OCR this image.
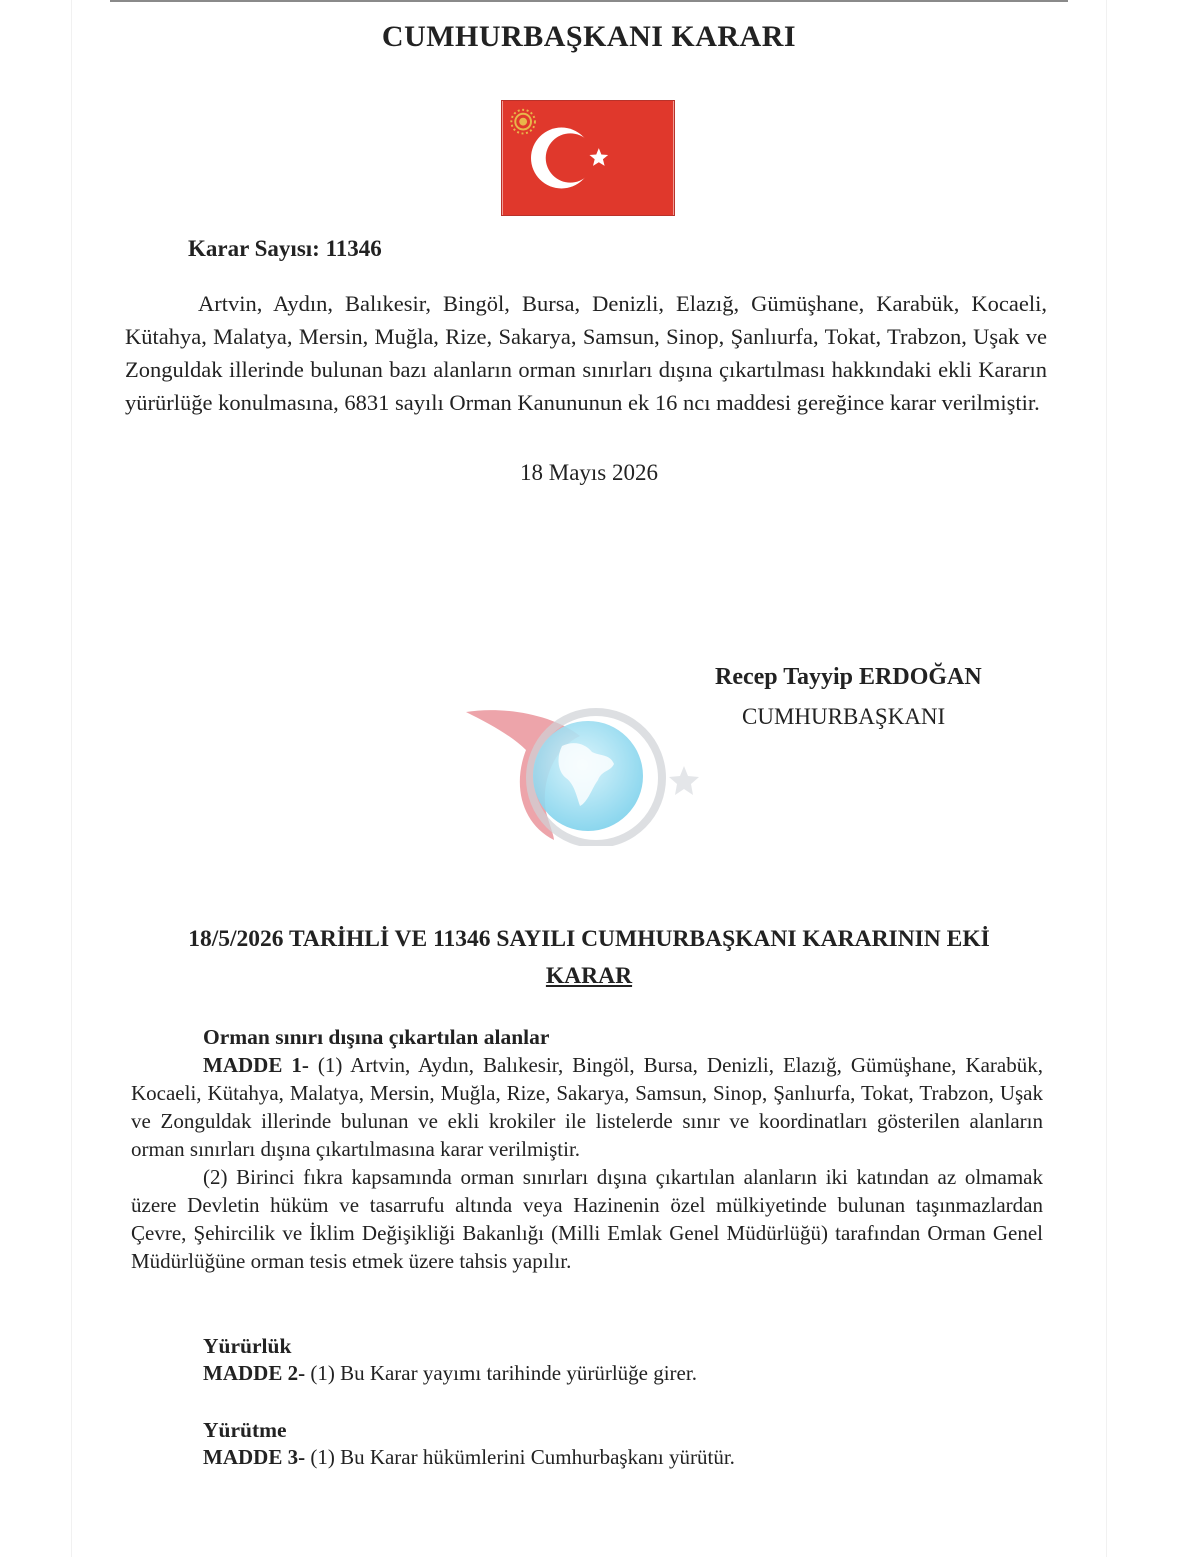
CUMHURBAŞKANI KARARI
Karar Sayısı: 11346

Artvin, Aydın, Balıkesir, Bingöl, Bursa, Denizli, Elazığ, Gümüşhane, Karabük, Kocaeli, Kütahya, Malatya, Mersin, Muğla, Rize, Sakarya, Samsun, Sinop, Şanlıurfa, Tokat, Trabzon, Uşak ve Zonguldak illerinde bulunan bazı alanların orman sınırları dışına çıkartılması hakkındaki ekli Kararın yürürlüğe konulmasına, 6831 sayılı Orman Kanununun ek 16 ncı maddesi gereğince karar verilmiştir.

18 Mayıs 2026
Recep Tayyip ERDOĞAN
CUMHURBAŞKANI
18/5/2026 TARİHLİ VE 11346 SAYILI CUMHURBAŞKANI KARARININ EKİ
KARAR
Orman sınırı dışına çıkartılan alanlar

MADDE 1- (1) Artvin, Aydın, Balıkesir, Bingöl, Bursa, Denizli, Elazığ, Gümüşhane, Karabük, Kocaeli, Kütahya, Malatya, Mersin, Muğla, Rize, Sakarya, Samsun, Sinop, Şanlıurfa, Tokat, Trabzon, Uşak ve Zonguldak illerinde bulunan ve ekli krokiler ile listelerde sınır ve koordinatları gösterilen alanların orman sınırları dışına çıkartılmasına karar verilmiştir.

(2) Birinci fıkra kapsamında orman sınırları dışına çıkartılan alanların iki katından az olmamak üzere Devletin hüküm ve tasarrufu altında veya Hazinenin özel mülkiyetinde bulunan taşınmazlardan Çevre, Şehircilik ve İklim Değişikliği Bakanlığı (Milli Emlak Genel Müdürlüğü) tarafından Orman Genel Müdürlüğüne orman tesis etmek üzere tahsis yapılır.

Yürürlük
MADDE 2- (1) Bu Karar yayımı tarihinde yürürlüğe girer.
Yürütme
MADDE 3- (1) Bu Karar hükümlerini Cumhurbaşkanı yürütür.
